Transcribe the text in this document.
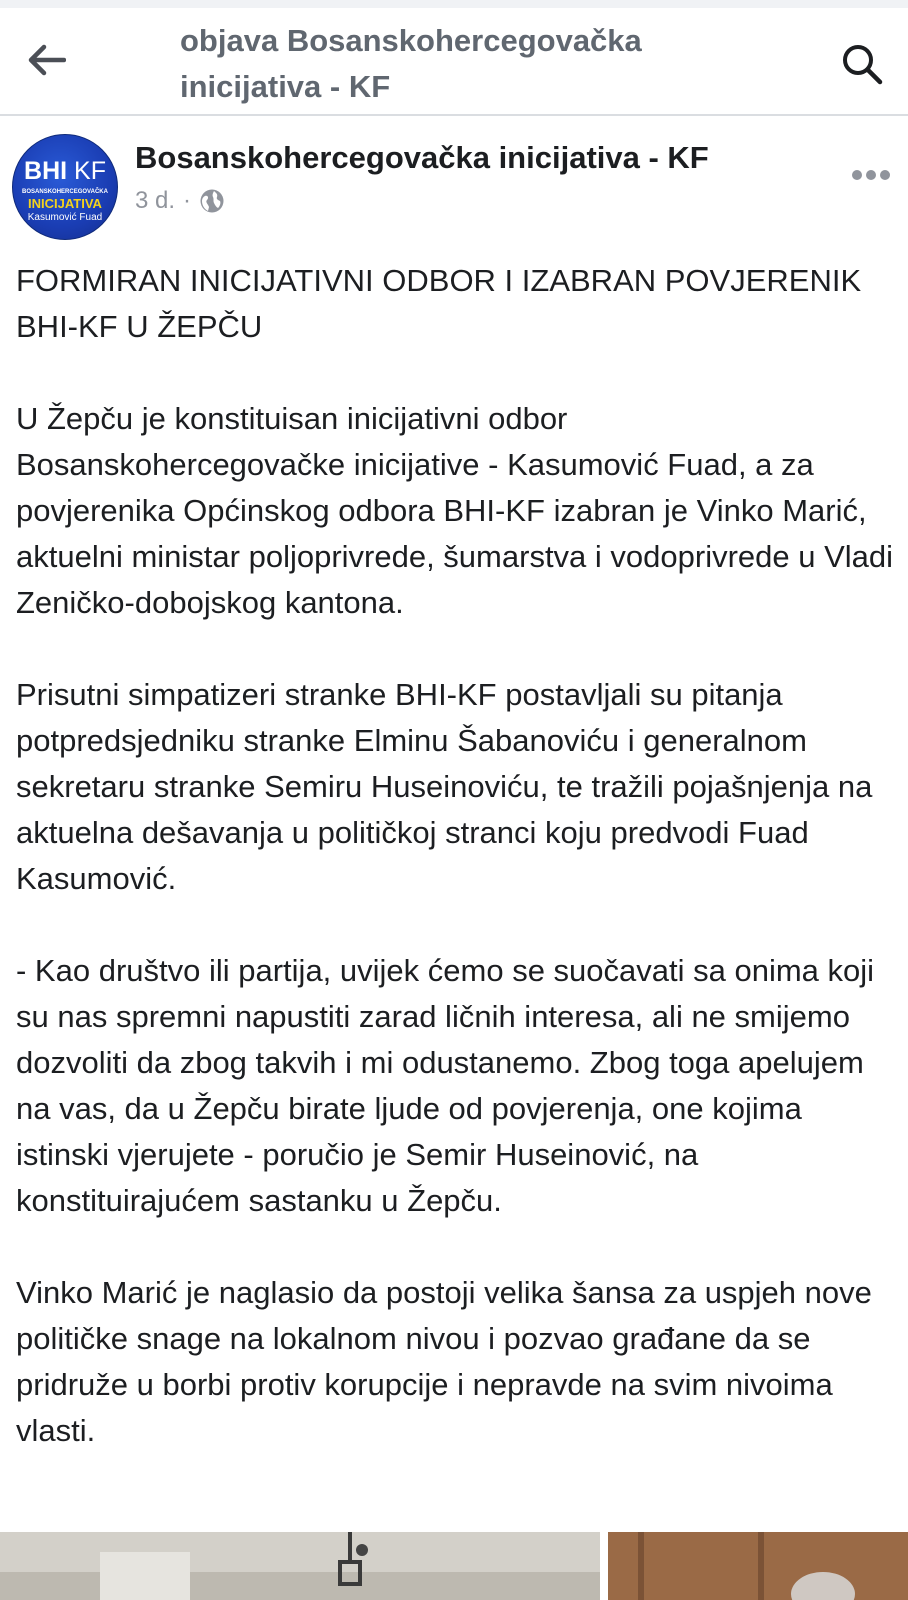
objava Bosanskohercegovačka inicijativa - KF
BHI KF
BOSANSKOHERCEGOVAČKA
INICIJATIVA
Kasumović Fuad
Bosanskohercegovačka inicijativa - KF
3 d. ·

FORMIRAN INICIJATIVNI ODBOR I IZABRAN POVJERENIK BHI-KF U ŽEPČU

U Žepču je konstituisan inicijativni odbor Bosanskohercegovačke inicijative - Kasumović Fuad, a za povjerenika Općinskog odbora BHI-KF izabran je Vinko Marić, aktuelni ministar poljoprivrede, šumarstva i vodoprivrede u Vladi Zeničko-dobojskog kantona.

Prisutni simpatizeri stranke BHI-KF postavljali su pitanja potpredsjedniku stranke Elminu Šabanoviću i generalnom sekretaru stranke Semiru Huseinoviću, te tražili pojašnjenja na aktuelna dešavanja u političkoj stranci koju predvodi Fuad Kasumović.

- Kao društvo ili partija, uvijek ćemo se suočavati sa onima koji su nas spremni napustiti zarad ličnih interesa, ali ne smijemo dozvoliti da zbog takvih i mi odustanemo. Zbog toga apelujem na vas, da u Žepču birate ljude od povjerenja, one kojima istinski vjerujete - poručio je Semir Huseinović, na konstituirajućem sastanku u Žepču.

Vinko Marić je naglasio da postoji velika šansa za uspjeh nove političke snage na lokalnom nivou i pozvao građane da se pridruže u borbi protiv korupcije i nepravde na svim nivoima vlasti.
